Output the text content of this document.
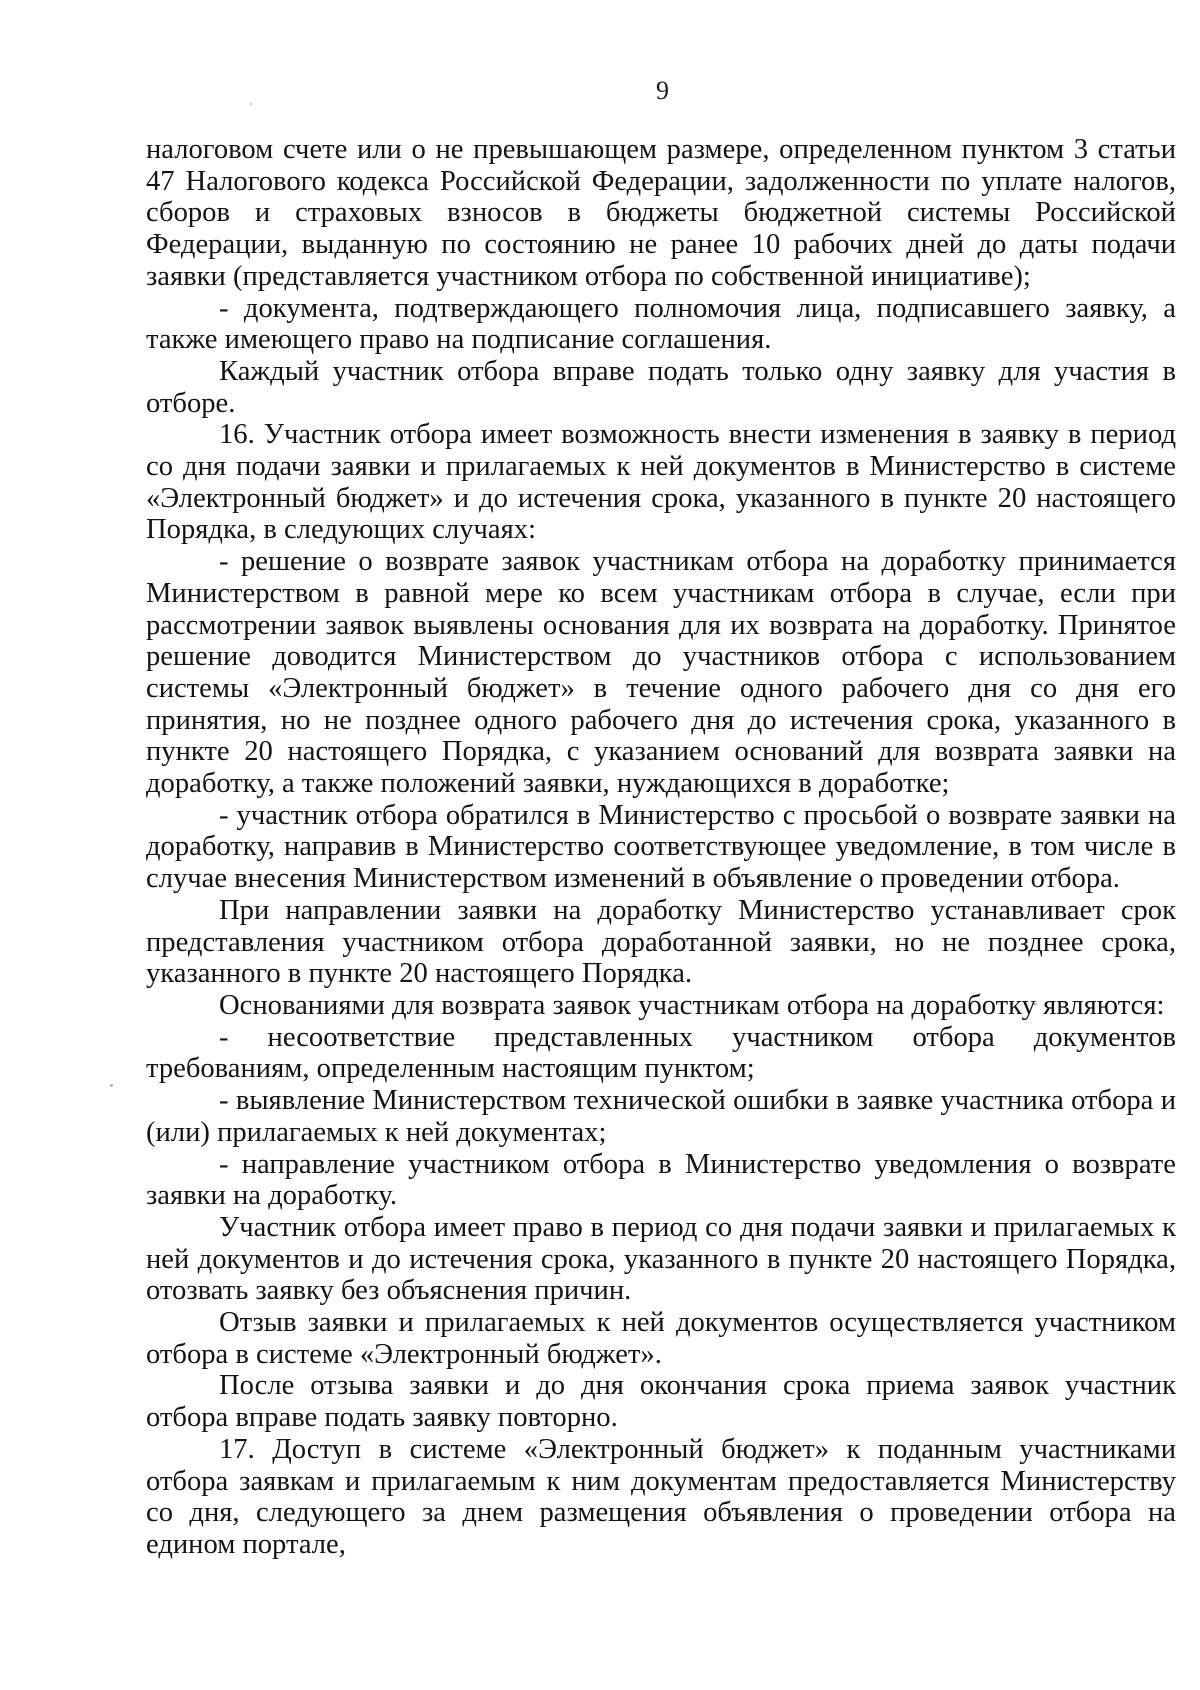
9

налоговом счете или о не превышающем размере, определенном пунктом 3 статьи 47 Налогового кодекса Российской Федерации, задолженности по уплате налогов, сборов и страховых взносов в бюджеты бюджетной системы Российской Федерации, выданную по состоянию не ранее 10 рабочих дней до даты подачи заявки (представляется участником отбора по собственной инициативе);

- документа, подтверждающего полномочия лица, подписавшего заявку, а также имеющего право на подписание соглашения.

Каждый участник отбора вправе подать только одну заявку для участия в отборе.

16. Участник отбора имеет возможность внести изменения в заявку в период со дня подачи заявки и прилагаемых к ней документов в Министерство в системе «Электронный бюджет» и до истечения срока, указанного в пункте 20 настоящего Порядка, в следующих случаях:

- решение о возврате заявок участникам отбора на доработку принимается Министерством в равной мере ко всем участникам отбора в случае, если при рассмотрении заявок выявлены основания для их возврата на доработку. Принятое решение доводится Министерством до участников отбора с использованием системы «Электронный бюджет» в течение одного рабочего дня со дня его принятия, но не позднее одного рабочего дня до истечения срока, указанного в пункте 20 настоящего Порядка, с указанием оснований для возврата заявки на доработку, а также положений заявки, нуждающихся в доработке;

- участник отбора обратился в Министерство с просьбой о возврате заявки на доработку, направив в Министерство соответствующее уведомление, в том числе в случае внесения Министерством изменений в объявление о проведении отбора.

При направлении заявки на доработку Министерство устанавливает срок представления участником отбора доработанной заявки, но не позднее срока, указанного в пункте 20 настоящего Порядка.

Основаниями для возврата заявок участникам отбора на доработку являются:

- несоответствие представленных участником отбора документов требованиям, определенным настоящим пунктом;

- выявление Министерством технической ошибки в заявке участника отбора и (или) прилагаемых к ней документах;

- направление участником отбора в Министерство уведомления о возврате заявки на доработку.

Участник отбора имеет право в период со дня подачи заявки и прилагаемых к ней документов и до истечения срока, указанного в пункте 20 настоящего Порядка, отозвать заявку без объяснения причин.

Отзыв заявки и прилагаемых к ней документов осуществляется участником отбора в системе «Электронный бюджет».

После отзыва заявки и до дня окончания срока приема заявок участник отбора вправе подать заявку повторно.

17. Доступ в системе «Электронный бюджет» к поданным участниками отбора заявкам и прилагаемым к ним документам предоставляется Министерству со дня, следующего за днем размещения объявления о проведении отбора на едином портале,
